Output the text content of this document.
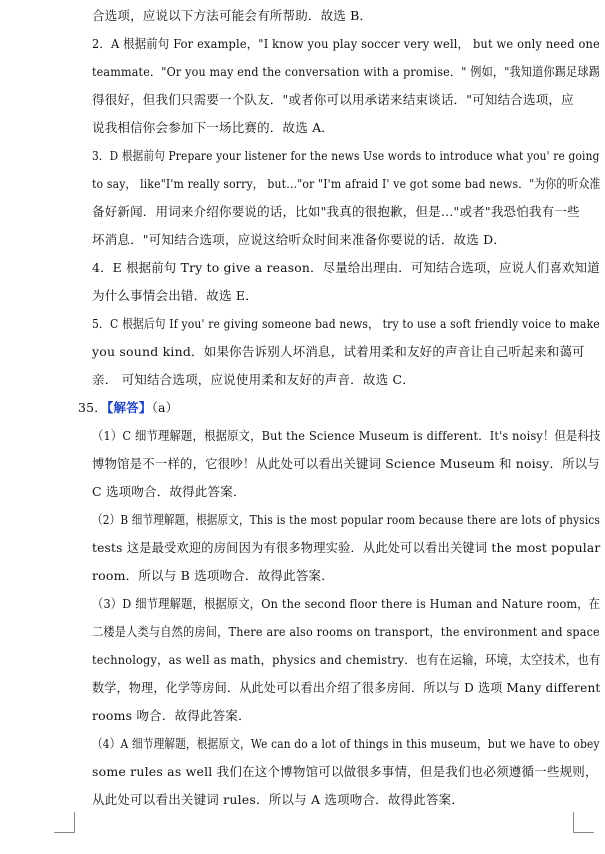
合选项，应说以下方法可能会有所帮助．故选 B．
2．A 根据前句 For example，"I know you play soccer very well， but we only need one
teammate．"Or you may end the conversation with a promise．" 例如，"我知道你踢足球踢
得很好，但我们只需要一个队友．"或者你可以用承诺来结束谈话．"可知结合选项，应
说我相信你会参加下一场比赛的．故选 A．
3．D 根据前句 Prepare your listener for the news Use words to introduce what you' re going
to say， like"I'm really sorry， but…"or "I'm afraid I' ve got some bad news．"为你的听众准
备好新闻．用词来介绍你要说的话，比如"我真的很抱歉，但是…"或者"我恐怕我有一些
坏消息．"可知结合选项，应说这给听众时间来准备你要说的话．故选 D．
4．E 根据前句 Try to give a reason．尽量给出理由．可知结合选项，应说人们喜欢知道
为什么事情会出错．故选 E．
5．C 根据后句 If you' re giving someone bad news， try to use a soft friendly voice to make
you sound kind．如果你告诉别人坏消息，试着用柔和友好的声音让自己听起来和蔼可
亲． 可知结合选项，应说使用柔和友好的声音．故选 C．
35．【解答】（a）
（1）C 细节理解题，根据原文，But the Science Museum is different．It's noisy！但是科技
博物馆是不一样的，它很吵！从此处可以看出关键词 Science Museum 和 noisy．所以与
C 选项吻合．故得此答案．
（2）B 细节理解题，根据原文，This is the most popular room because there are lots of physics
tests 这是最受欢迎的房间因为有很多物理实验．从此处可以看出关键词 the most popular
room．所以与 B 选项吻合．故得此答案．
（3）D 细节理解题，根据原文，On the second floor there is Human and Nature room，在
二楼是人类与自然的房间，There are also rooms on transport，the environment and space
technology，as well as math，physics and chemistry．也有在运输，环境，太空技术，也有
数学，物理，化学等房间．从此处可以看出介绍了很多房间．所以与 D 选项 Many different
rooms 吻合．故得此答案．
（4）A 细节理解题，根据原文，We can do a lot of things in this museum，but we have to obey
some rules as well 我们在这个博物馆可以做很多事情，但是我们也必须遵循一些规则，
从此处可以看出关键词 rules．所以与 A 选项吻合．故得此答案．
